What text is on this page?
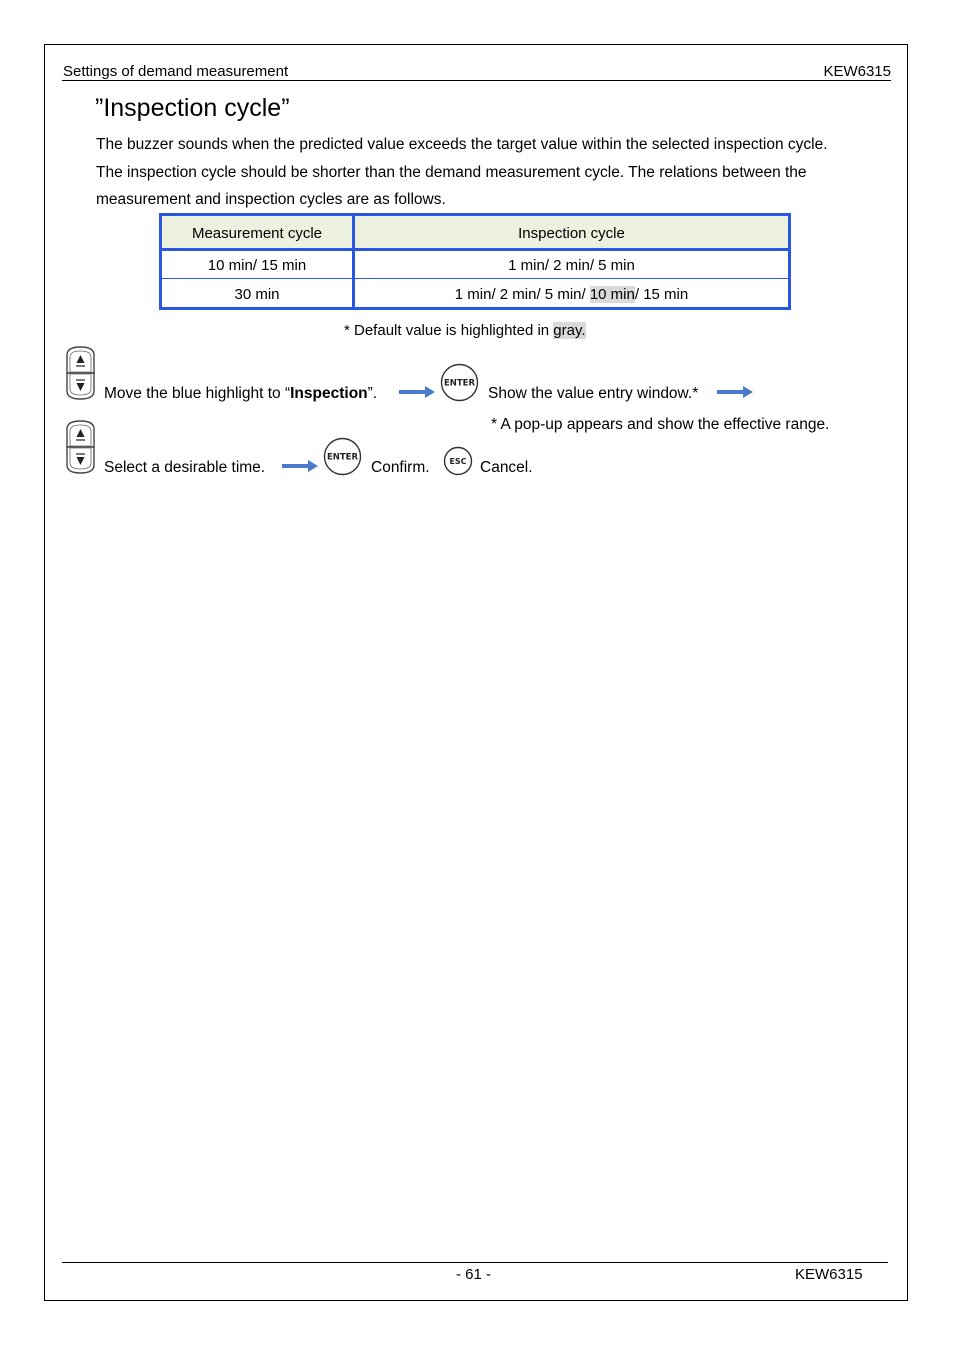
Settings of demand measurement	KEW6315
”Inspection cycle”
The buzzer sounds when the predicted value exceeds the target value within the selected inspection cycle.
The inspection cycle should be shorter than the demand measurement cycle. The relations between the
measurement and inspection cycles are as follows.
Measurement cycle	Inspection cycle
10 min/ 15 min	1 min/ 2 min/ 5 min
30 min	1 min/ 2 min/ 5 min/ 10 min/ 15 min
* Default value is highlighted in gray.
Move the blue highlight to “Inspection”.
ENTER
Show the value entry window.*
* A pop-up appears and show the effective range.
Select a desirable time.
ENTER
Confirm. ESC Cancel.
- 61 -	KEW6315
